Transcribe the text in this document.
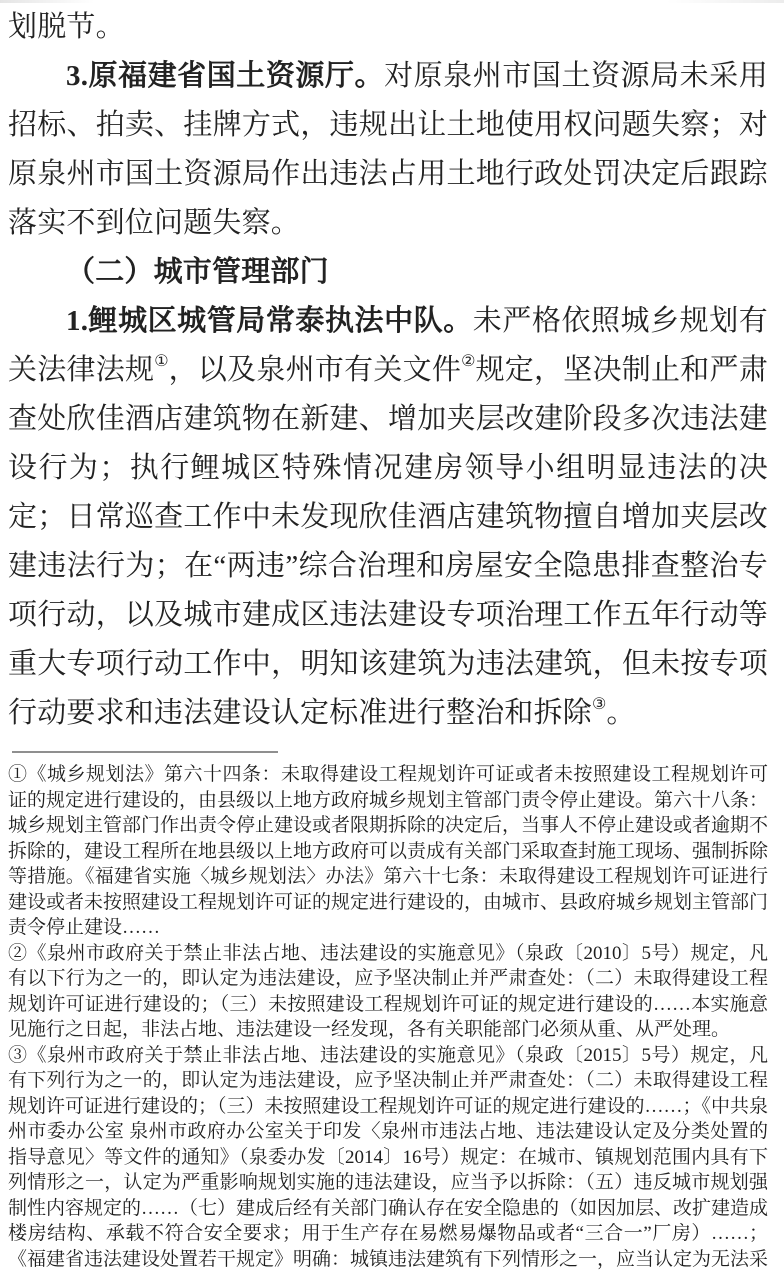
划脱节。

3.原福建省国土资源厅。对原泉州市国土资源局未采用招标、拍卖、挂牌方式，违规出让土地使用权问题失察；对原泉州市国土资源局作出违法占用土地行政处罚决定后跟踪落实不到位问题失察。

（二）城市管理部门

1.鲤城区城管局常泰执法中队。未严格依照城乡规划有关法律法规①，以及泉州市有关文件②规定，坚决制止和严肃查处欣佳酒店建筑物在新建、增加夹层改建阶段多次违法建设行为；执行鲤城区特殊情况建房领导小组明显违法的决定；日常巡查工作中未发现欣佳酒店建筑物擅自增加夹层改建违法行为；在“两违”综合治理和房屋安全隐患排查整治专项行动，以及城市建成区违法建设专项治理工作五年行动等重大专项行动工作中，明知该建筑为违法建筑，但未按专项行动要求和违法建设认定标准进行整治和拆除③。

①《城乡规划法》第六十四条：未取得建设工程规划许可证或者未按照建设工程规划许可证的规定进行建设的，由县级以上地方政府城乡规划主管部门责令停止建设。第六十八条：城乡规划主管部门作出责令停止建设或者限期拆除的决定后，当事人不停止建设或者逾期不拆除的，建设工程所在地县级以上地方政府可以责成有关部门采取查封施工现场、强制拆除等措施。《福建省实施〈城乡规划法〉办法》第六十七条：未取得建设工程规划许可证进行建设或者未按照建设工程规划许可证的规定进行建设的，由城市、县政府城乡规划主管部门责令停止建设……

②《泉州市政府关于禁止非法占地、违法建设的实施意见》（泉政〔2010〕5号）规定，凡有以下行为之一的，即认定为违法建设，应予坚决制止并严肃查处：（二）未取得建设工程规划许可证进行建设的；（三）未按照建设工程规划许可证的规定进行建设的……本实施意见施行之日起，非法占地、违法建设一经发现，各有关职能部门必须从重、从严处理。

③《泉州市政府关于禁止非法占地、违法建设的实施意见》（泉政〔2015〕5号）规定，凡有下列行为之一的，即认定为违法建设，应予坚决制止并严肃查处：（二）未取得建设工程规划许可证进行建设的；（三）未按照建设工程规划许可证的规定进行建设的……；《中共泉州市委办公室 泉州市政府办公室关于印发〈泉州市违法占地、违法建设认定及分类处置的指导意见〉等文件的通知》（泉委办发〔2014〕16号）规定：在城市、镇规划范围内具有下列情形之一，认定为严重影响规划实施的违法建设，应当予以拆除：（五）违反城市规划强制性内容规定的……（七）建成后经有关部门确认存在安全隐患的（如因加层、改扩建造成楼房结构、承载不符合安全要求；用于生产存在易燃易爆物品或者“三合一”厂房）……；《福建省违法建设处置若干规定》明确：城镇违法建筑有下列情形之一，应当认定为无法采
